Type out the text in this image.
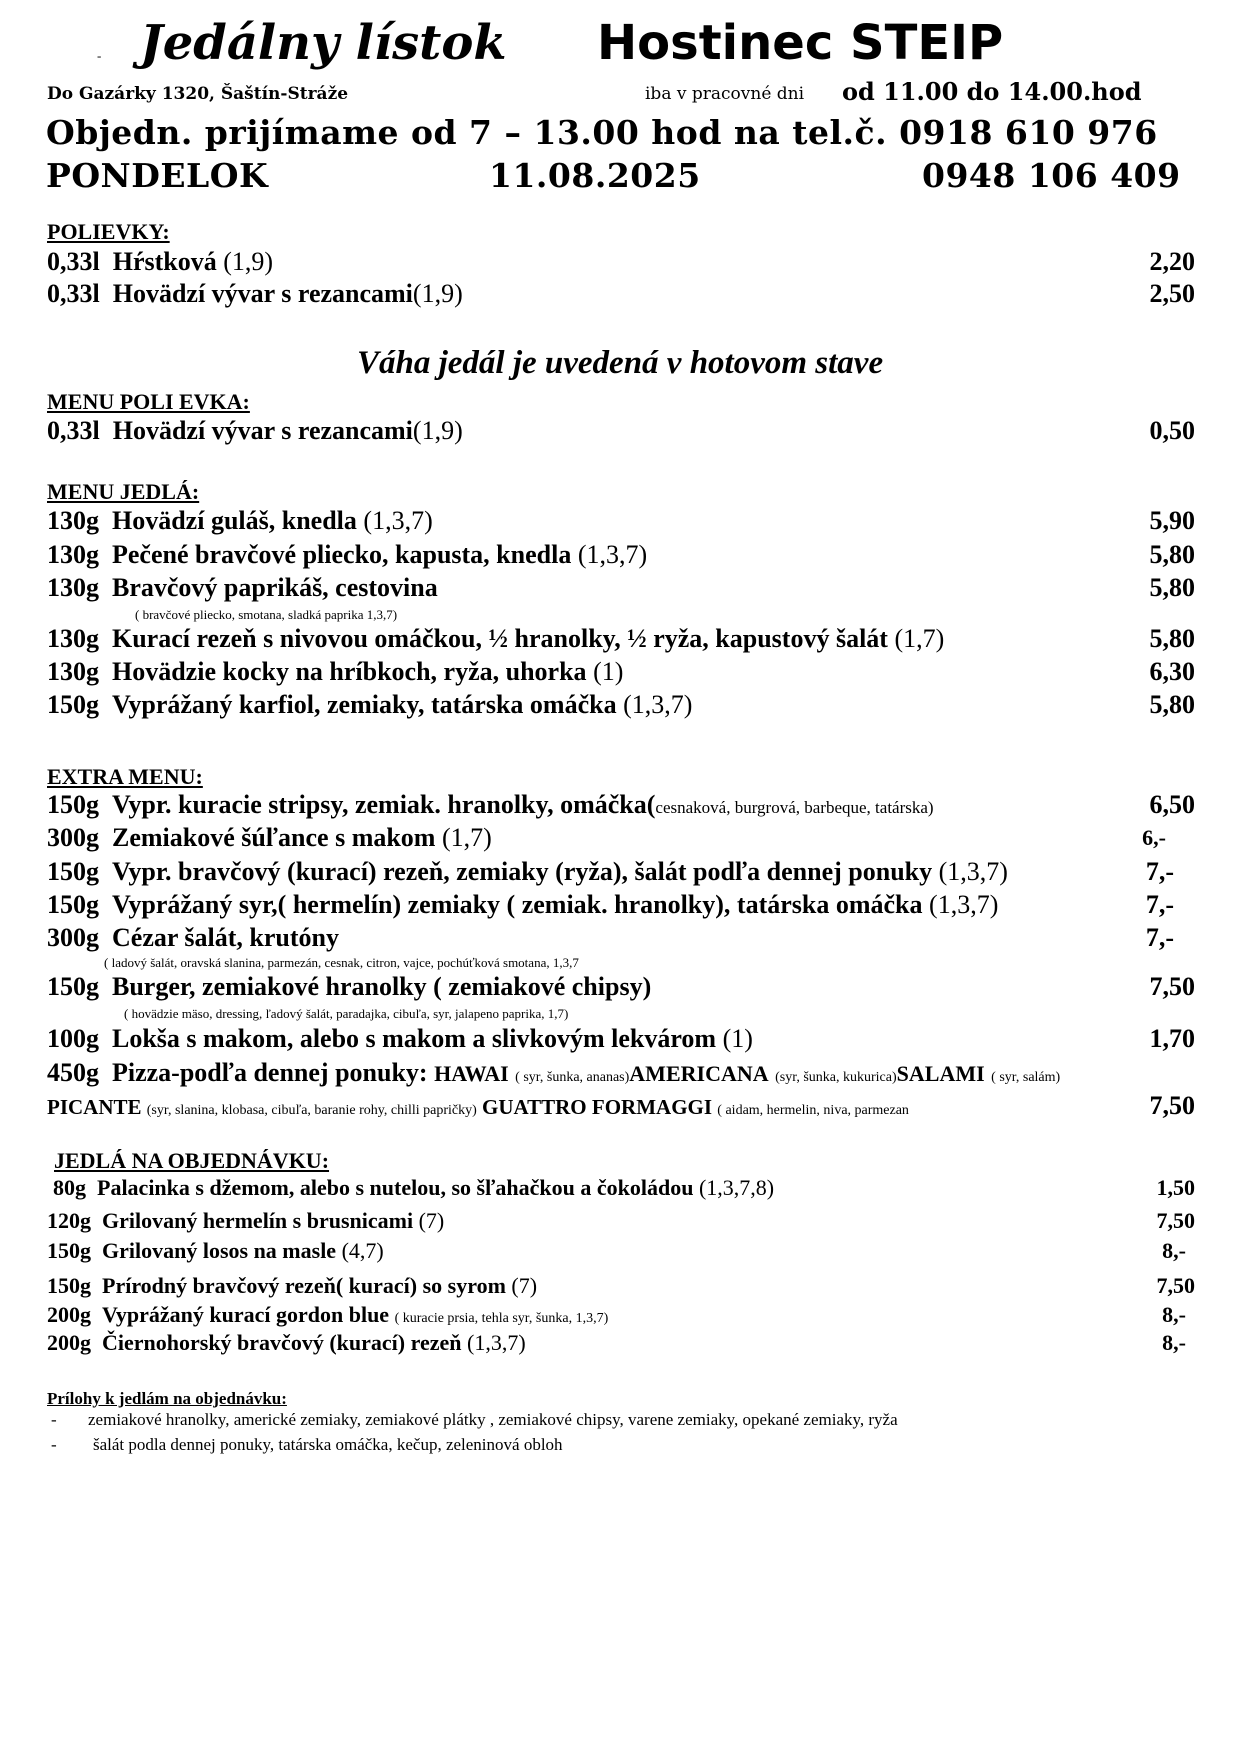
- Jedálny lístok Hostinec STEIP
Do Gazárky 1320, Šaštín-Stráže	iba v pracovné dni od 11.00 do 14.00.hod
Objedn. prijímame od 7 – 13.00 hod na tel.č. 0918 610 976
PONDELOK	11.08.2025	0948 106 409
POLIEVKY:
0,33l Hŕstková (1,9)	2,20
0,33l Hovädzí vývar s rezancami(1,9)	2,50
Váha jedál je uvedená v hotovom stave
MENU POLI EVKA:
0,33l Hovädzí vývar s rezancami(1,9)	0,50
MENU JEDLÁ:
130g Hovädzí guláš, knedla (1,3,7)	5,90
130g Pečené bravčové pliecko, kapusta, knedla (1,3,7)	5,80
130g Bravčový paprikáš, cestovina	5,80
( bravčové pliecko, smotana, sladká paprika 1,3,7)
130g Kurací rezeň s nivovou omáčkou, ½ hranolky, ½ ryža, kapustový šalát (1,7)	5,80
130g Hovädzie kocky na hríbkoch, ryža, uhorka (1)	6,30
150g Vyprážaný karfiol, zemiaky, tatárska omáčka (1,3,7)	5,80
EXTRA MENU:
150g Vypr. kuracie stripsy, zemiak. hranolky, omáčka(cesnaková, burgrová, barbeque, tatárska)	6,50
300g Zemiakové šúľance s makom (1,7)	6,-
150g Vypr. bravčový (kurací) rezeň, zemiaky (ryža), šalát podľa dennej ponuky (1,3,7)	7,-
150g Vyprážaný syr,( hermelín) zemiaky ( zemiak. hranolky), tatárska omáčka (1,3,7)	7,-
300g Cézar šalát, krutóny	7,-
( ladový šalát, oravská slanina, parmezán, cesnak, citron, vajce, pochúťková smotana, 1,3,7
150g Burger, zemiakové hranolky ( zemiakové chipsy)	7,50
( hovädzie mäso, dressing, ľadový šalát, paradajka, cibuľa, syr, jalapeno paprika, 1,7)
100g Lokša s makom, alebo s makom a slivkovým lekvárom (1)	1,70
450g Pizza-podľa dennej ponuky: HAWAI ( syr, šunka, ananas)AMERICANA (syr, šunka, kukurica)SALAMI ( syr, salám)
PICANTE (syr, slanina, klobasa, cibuľa, baranie rohy, chilli papričky) GUATTRO FORMAGGI ( aidam, hermelin, niva, parmezan	7,50
JEDLÁ NA OBJEDNÁVKU:
80g Palacinka s džemom, alebo s nutelou, so šľahačkou a čokoládou (1,3,7,8)	1,50
120g Grilovaný hermelín s brusnicami (7)	7,50
150g Grilovaný losos na masle (4,7)	8,-
150g Prírodný bravčový rezeň( kurací) so syrom (7)	7,50
200g Vyprážaný kurací gordon blue ( kuracie prsia, tehla syr, šunka, 1,3,7)	8,-
200g Čiernohorský bravčový (kurací) rezeň (1,3,7)	8,-
Prílohy k jedlám na objednávku:
- zemiakové hranolky, americké zemiaky, zemiakové plátky , zemiakové chipsy, varene zemiaky, opekané zemiaky, ryža
- šalát podla dennej ponuky, tatárska omáčka, kečup, zeleninová obloh
